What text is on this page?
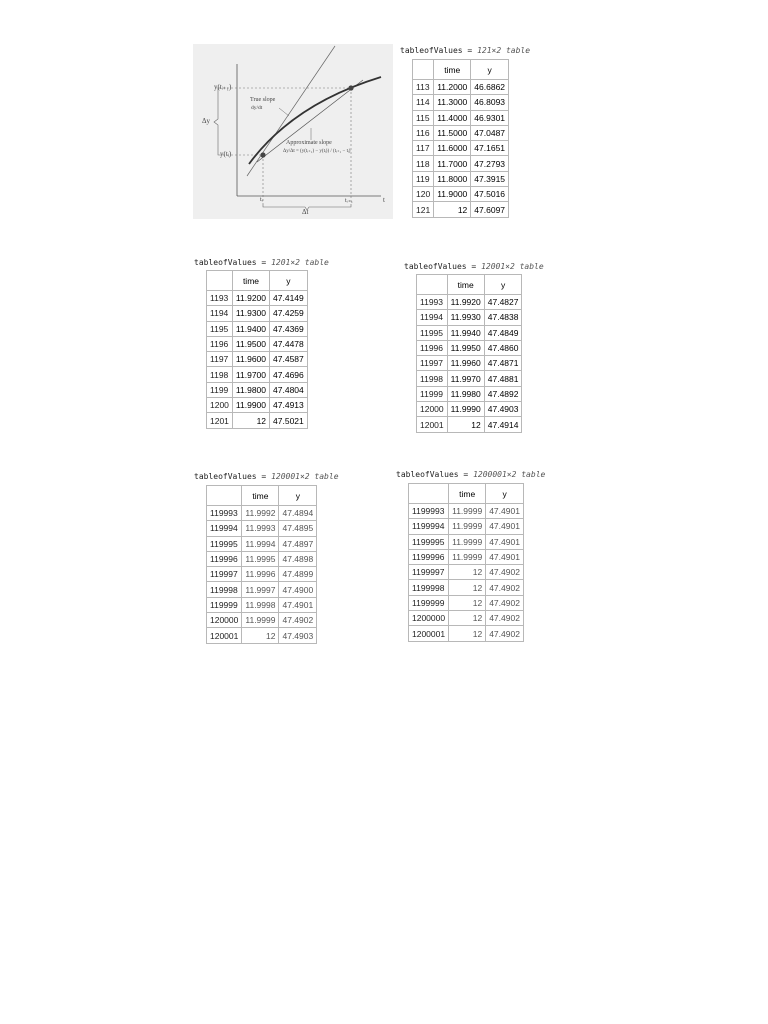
y(tᵢ₊₁)
y(tᵢ)
Δy
Δt
t
tᵢ	tᵢ₊₁
True slope
dy/dt
Approximate slope
Δy/Δt = (y(tᵢ₊₁) − y(tᵢ)) / (tᵢ₊₁ − tᵢ)
tableofValues = 121×2 table
	time	y
113	11.2000	46.6862
114	11.3000	46.8093
115	11.4000	46.9301
116	11.5000	47.0487
117	11.6000	47.1651
118	11.7000	47.2793
119	11.8000	47.3915
120	11.9000	47.5016
121	12	47.6097
tableofValues = 1201×2 table
	time	y
1193	11.9200	47.4149
1194	11.9300	47.4259
1195	11.9400	47.4369
1196	11.9500	47.4478
1197	11.9600	47.4587
1198	11.9700	47.4696
1199	11.9800	47.4804
1200	11.9900	47.4913
1201	12	47.5021
tableofValues = 12001×2 table
	time	y
11993	11.9920	47.4827
11994	11.9930	47.4838
11995	11.9940	47.4849
11996	11.9950	47.4860
11997	11.9960	47.4871
11998	11.9970	47.4881
11999	11.9980	47.4892
12000	11.9990	47.4903
12001	12	47.4914
tableofValues = 120001×2 table
	time	y
119993	11.9992	47.4894
119994	11.9993	47.4895
119995	11.9994	47.4897
119996	11.9995	47.4898
119997	11.9996	47.4899
119998	11.9997	47.4900
119999	11.9998	47.4901
120000	11.9999	47.4902
120001	12	47.4903
tableofValues = 1200001×2 table
	time	y
1199993	11.9999	47.4901
1199994	11.9999	47.4901
1199995	11.9999	47.4901
1199996	11.9999	47.4901
1199997	12	47.4902
1199998	12	47.4902
1199999	12	47.4902
1200000	12	47.4902
1200001	12	47.4902
